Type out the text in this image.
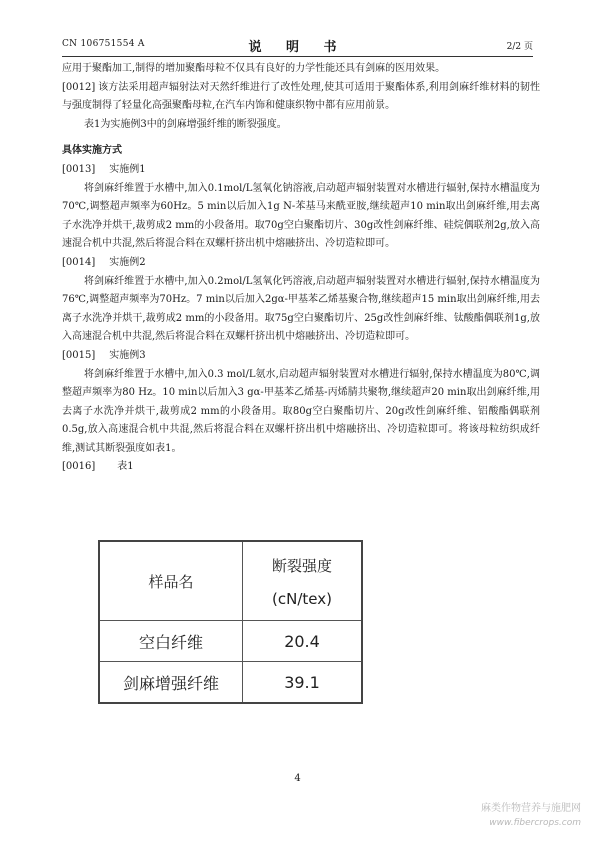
CN 106751554 A	说 明 书	2/2 页

应用于聚酯加工,制得的增加聚酯母粒不仅具有良好的力学性能还具有剑麻的医用效果。

[0012] 该方法采用超声辐射法对天然纤维进行了改性处理,使其可适用于聚酯体系,利用剑麻纤维材料的韧性与强度制得了轻量化高强聚酯母粒,在汽车内饰和健康织物中都有应用前景。

表1为实施例3中的剑麻增强纤维的断裂强度。

具体实施方式

[0013] 实施例1

将剑麻纤维置于水槽中,加入0.1mol/L氢氧化钠溶液,启动超声辐射装置对水槽进行辐射,保持水槽温度为70℃,调整超声频率为60Hz。5 min以后加入1g N-苯基马来酰亚胺,继续超声10 min取出剑麻纤维,用去离子水洗净并烘干,裁剪成2 mm的小段备用。取70g空白聚酯切片、30g改性剑麻纤维、硅烷偶联剂2g,放入高速混合机中共混,然后将混合料在双螺杆挤出机中熔融挤出、冷切造粒即可。

[0014] 实施例2

将剑麻纤维置于水槽中,加入0.2mol/L氢氧化钙溶液,启动超声辐射装置对水槽进行辐射,保持水槽温度为76℃,调整超声频率为70Hz。7 min以后加入2gα-甲基苯乙烯基聚合物,继续超声15 min取出剑麻纤维,用去离子水洗净并烘干,裁剪成2 mm的小段备用。取75g空白聚酯切片、25g改性剑麻纤维、钛酸酯偶联剂1g,放入高速混合机中共混,然后将混合料在双螺杆挤出机中熔融挤出、冷切造粒即可。

[0015] 实施例3

将剑麻纤维置于水槽中,加入0.3 mol/L氨水,启动超声辐射装置对水槽进行辐射,保持水槽温度为80℃,调整超声频率为80 Hz。10 min以后加入3 gα-甲基苯乙烯基-丙烯腈共聚物,继续超声20 min取出剑麻纤维,用去离子水洗净并烘干,裁剪成2 mm的小段备用。取80g空白聚酯切片、20g改性剑麻纤维、铝酸酯偶联剂0.5g,放入高速混合机中共混,然后将混合料在双螺杆挤出机中熔融挤出、冷切造粒即可。将该母粒纺织成纤维,测试其断裂强度如表1。

[0016] 表1

样品名	断裂强度
(cN/tex)

空白纤维	20.4
剑麻增强纤维	39.1
4
麻类作物营养与施肥网
www.fibercrops.com
